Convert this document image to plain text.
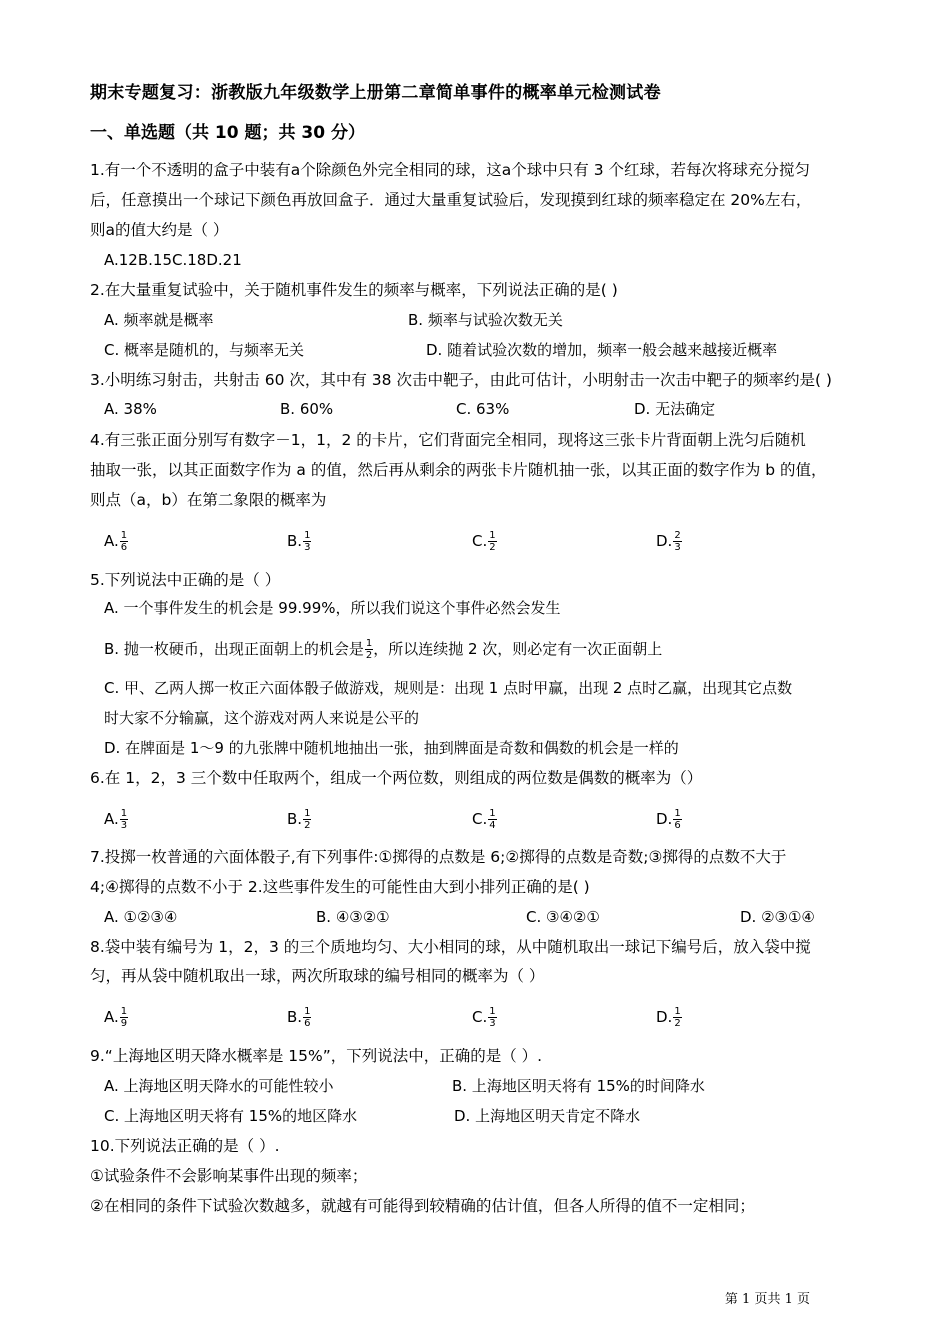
期末专题复习：浙教版九年级数学上册第二章简单事件的概率单元检测试卷
一、单选题（共 10 题；共 30 分）
1.有一个不透明的盒子中装有a个除颜色外完全相同的球，这a个球中只有 3 个红球，若每次将球充分搅匀
后，任意摸出一个球记下颜色再放回盒子．通过大量重复试验后，发现摸到红球的频率稳定在 20%左右，
则a的值大约是（ ）
A.12B.15C.18D.21
2.在大量重复试验中，关于随机事件发生的频率与概率，下列说法正确的是( )
A. 频率就是概率	B. 频率与试验次数无关
C. 概率是随机的，与频率无关	D. 随着试验次数的增加，频率一般会越来越接近概率
3.小明练习射击，共射击 60 次，其中有 38 次击中靶子，由此可估计，小明射击一次击中靶子的频率约是( )
A. 38%	B. 60%	C. 63%	D. 无法确定
4.有三张正面分别写有数字－1，1，2 的卡片，它们背面完全相同，现将这三张卡片背面朝上洗匀后随机
抽取一张，以其正面数字作为 a 的值，然后再从剩余的两张卡片随机抽一张，以其正面的数字作为 b 的值，
则点（a，b）在第二象限的概率为
A. $\frac{1}{6}$	B. $\frac{1}{3}$	C. $\frac{1}{2}$	D. $\frac{2}{3}$
5.下列说法中正确的是（ ）
A. 一个事件发生的机会是 99.99%，所以我们说这个事件必然会发生
B. 抛一枚硬币，出现正面朝上的机会是 $\frac{1}{2}$ ，所以连续抛 2 次，则必定有一次正面朝上
C. 甲、乙两人掷一枚正六面体骰子做游戏，规则是：出现 1 点时甲赢，出现 2 点时乙赢，出现其它点数
时大家不分输赢，这个游戏对两人来说是公平的
D. 在牌面是 1～9 的九张牌中随机地抽出一张，抽到牌面是奇数和偶数的机会是一样的
6.在 1，2，3 三个数中任取两个，组成一个两位数，则组成的两位数是偶数的概率为（）
A. $\frac{1}{3}$	B. $\frac{1}{2}$	C. $\frac{1}{4}$	D. $\frac{1}{6}$
7.投掷一枚普通的六面体骰子,有下列事件:①掷得的点数是 6;②掷得的点数是奇数;③掷得的点数不大于
4;④掷得的点数不小于 2.这些事件发生的可能性由大到小排列正确的是( )
A. ①②③④	B. ④③②①	C. ③④②①	D. ②③①④
8.袋中装有编号为 1，2，3 的三个质地均匀、大小相同的球，从中随机取出一球记下编号后，放入袋中搅
匀，再从袋中随机取出一球，两次所取球的编号相同的概率为（ ）
A. $\frac{1}{9}$	B. $\frac{1}{6}$	C. $\frac{1}{3}$	D. $\frac{1}{2}$
9.“上海地区明天降水概率是 15%”，下列说法中，正确的是（ ）.
A. 上海地区明天降水的可能性较小	B. 上海地区明天将有 15%的时间降水
C. 上海地区明天将有 15%的地区降水	D. 上海地区明天肯定不降水
10.下列说法正确的是（ ）.
①试验条件不会影响某事件出现的频率；
②在相同的条件下试验次数越多，就越有可能得到较精确的估计值，但各人所得的值不一定相同；
第 1 页共 1 页
